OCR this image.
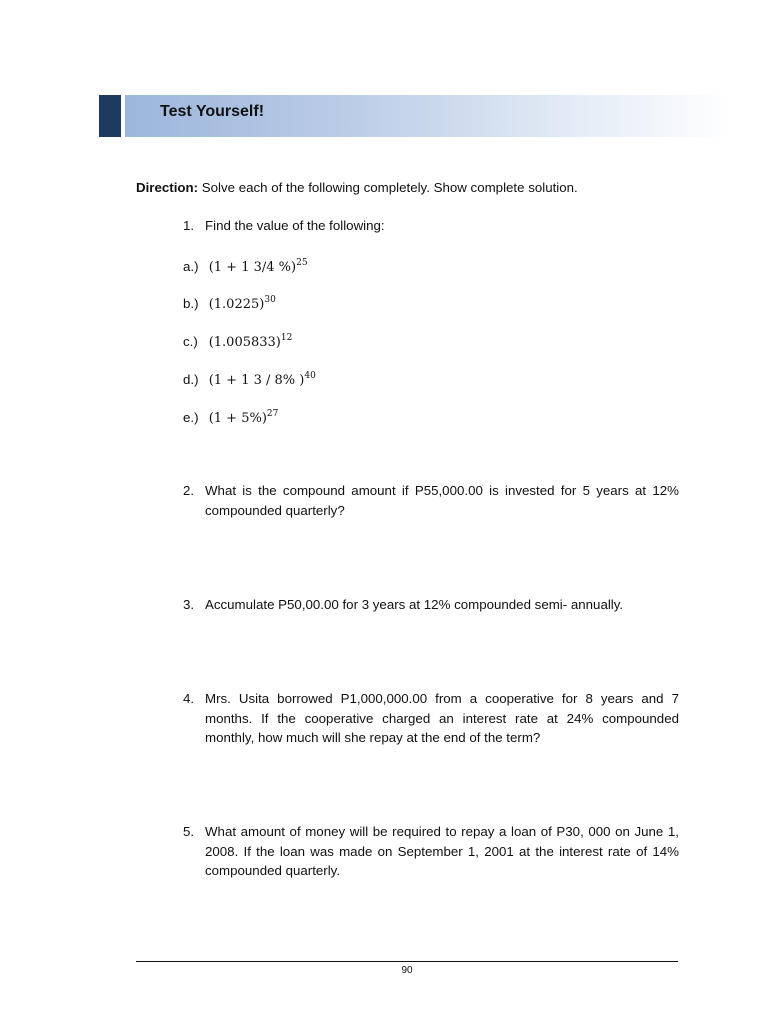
Test Yourself!
Direction: Solve each of the following completely. Show complete solution.
1. Find the value of the following:
a.) (1 + 1 3/4 %)$^{25}$
b.) $(1.0225)^{30}$
c.) $(1.005833)^{12}$
d.) (1 + 1 3 / 8% )$^{40}$
e.) $(1 + 5\%)^{27}$
2. What is the compound amount if P55,000.00 is invested for 5 years at 12% compounded quarterly?
3. Accumulate P50,00.00 for 3 years at 12% compounded semi- annually.
4. Mrs. Usita borrowed P1,000,000.00 from a cooperative for 8 years and 7 months. If the cooperative charged an interest rate at 24% compounded monthly, how much will she repay at the end of the term?
5. What amount of money will be required to repay a loan of P30, 000 on June 1, 2008. If the loan was made on September 1, 2001 at the interest rate of 14% compounded quarterly.
90
